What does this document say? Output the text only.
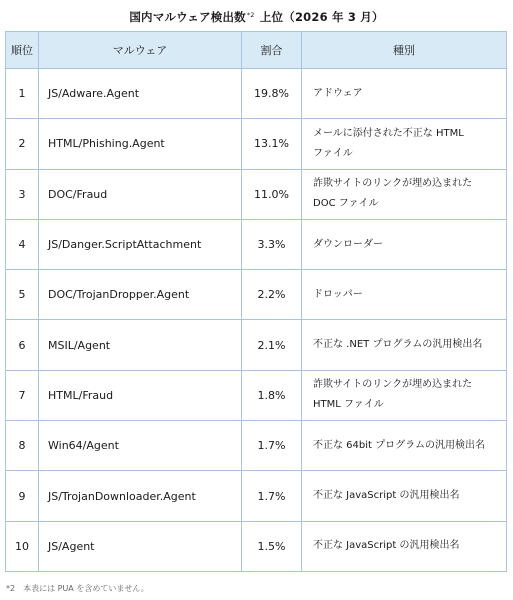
国内マルウェア検出数$^{*2}$ 上位（2026 年 3 月）
順位	マルウェア	割合	種別
1	JS/Adware.Agent	19.8%	アドウェア
2	HTML/Phishing.Agent	13.1%	メールに添付された不正な HTML
ファイル
3	DOC/Fraud	11.0%	詐欺サイトのリンクが埋め込まれた
DOC ファイル
4	JS/Danger.ScriptAttachment	3.3%	ダウンローダー
5	DOC/TrojanDropper.Agent	2.2%	ドロッパー
6	MSIL/Agent	2.1%	不正な .NET プログラムの汎用検出名
7	HTML/Fraud	1.8%	詐欺サイトのリンクが埋め込まれた
HTML ファイル
8	Win64/Agent	1.7%	不正な 64bit プログラムの汎用検出名
9	JS/TrojanDownloader.Agent	1.7%	不正な JavaScript の汎用検出名
10	JS/Agent	1.5%	不正な JavaScript の汎用検出名
*2　本表には PUA を含めていません。
